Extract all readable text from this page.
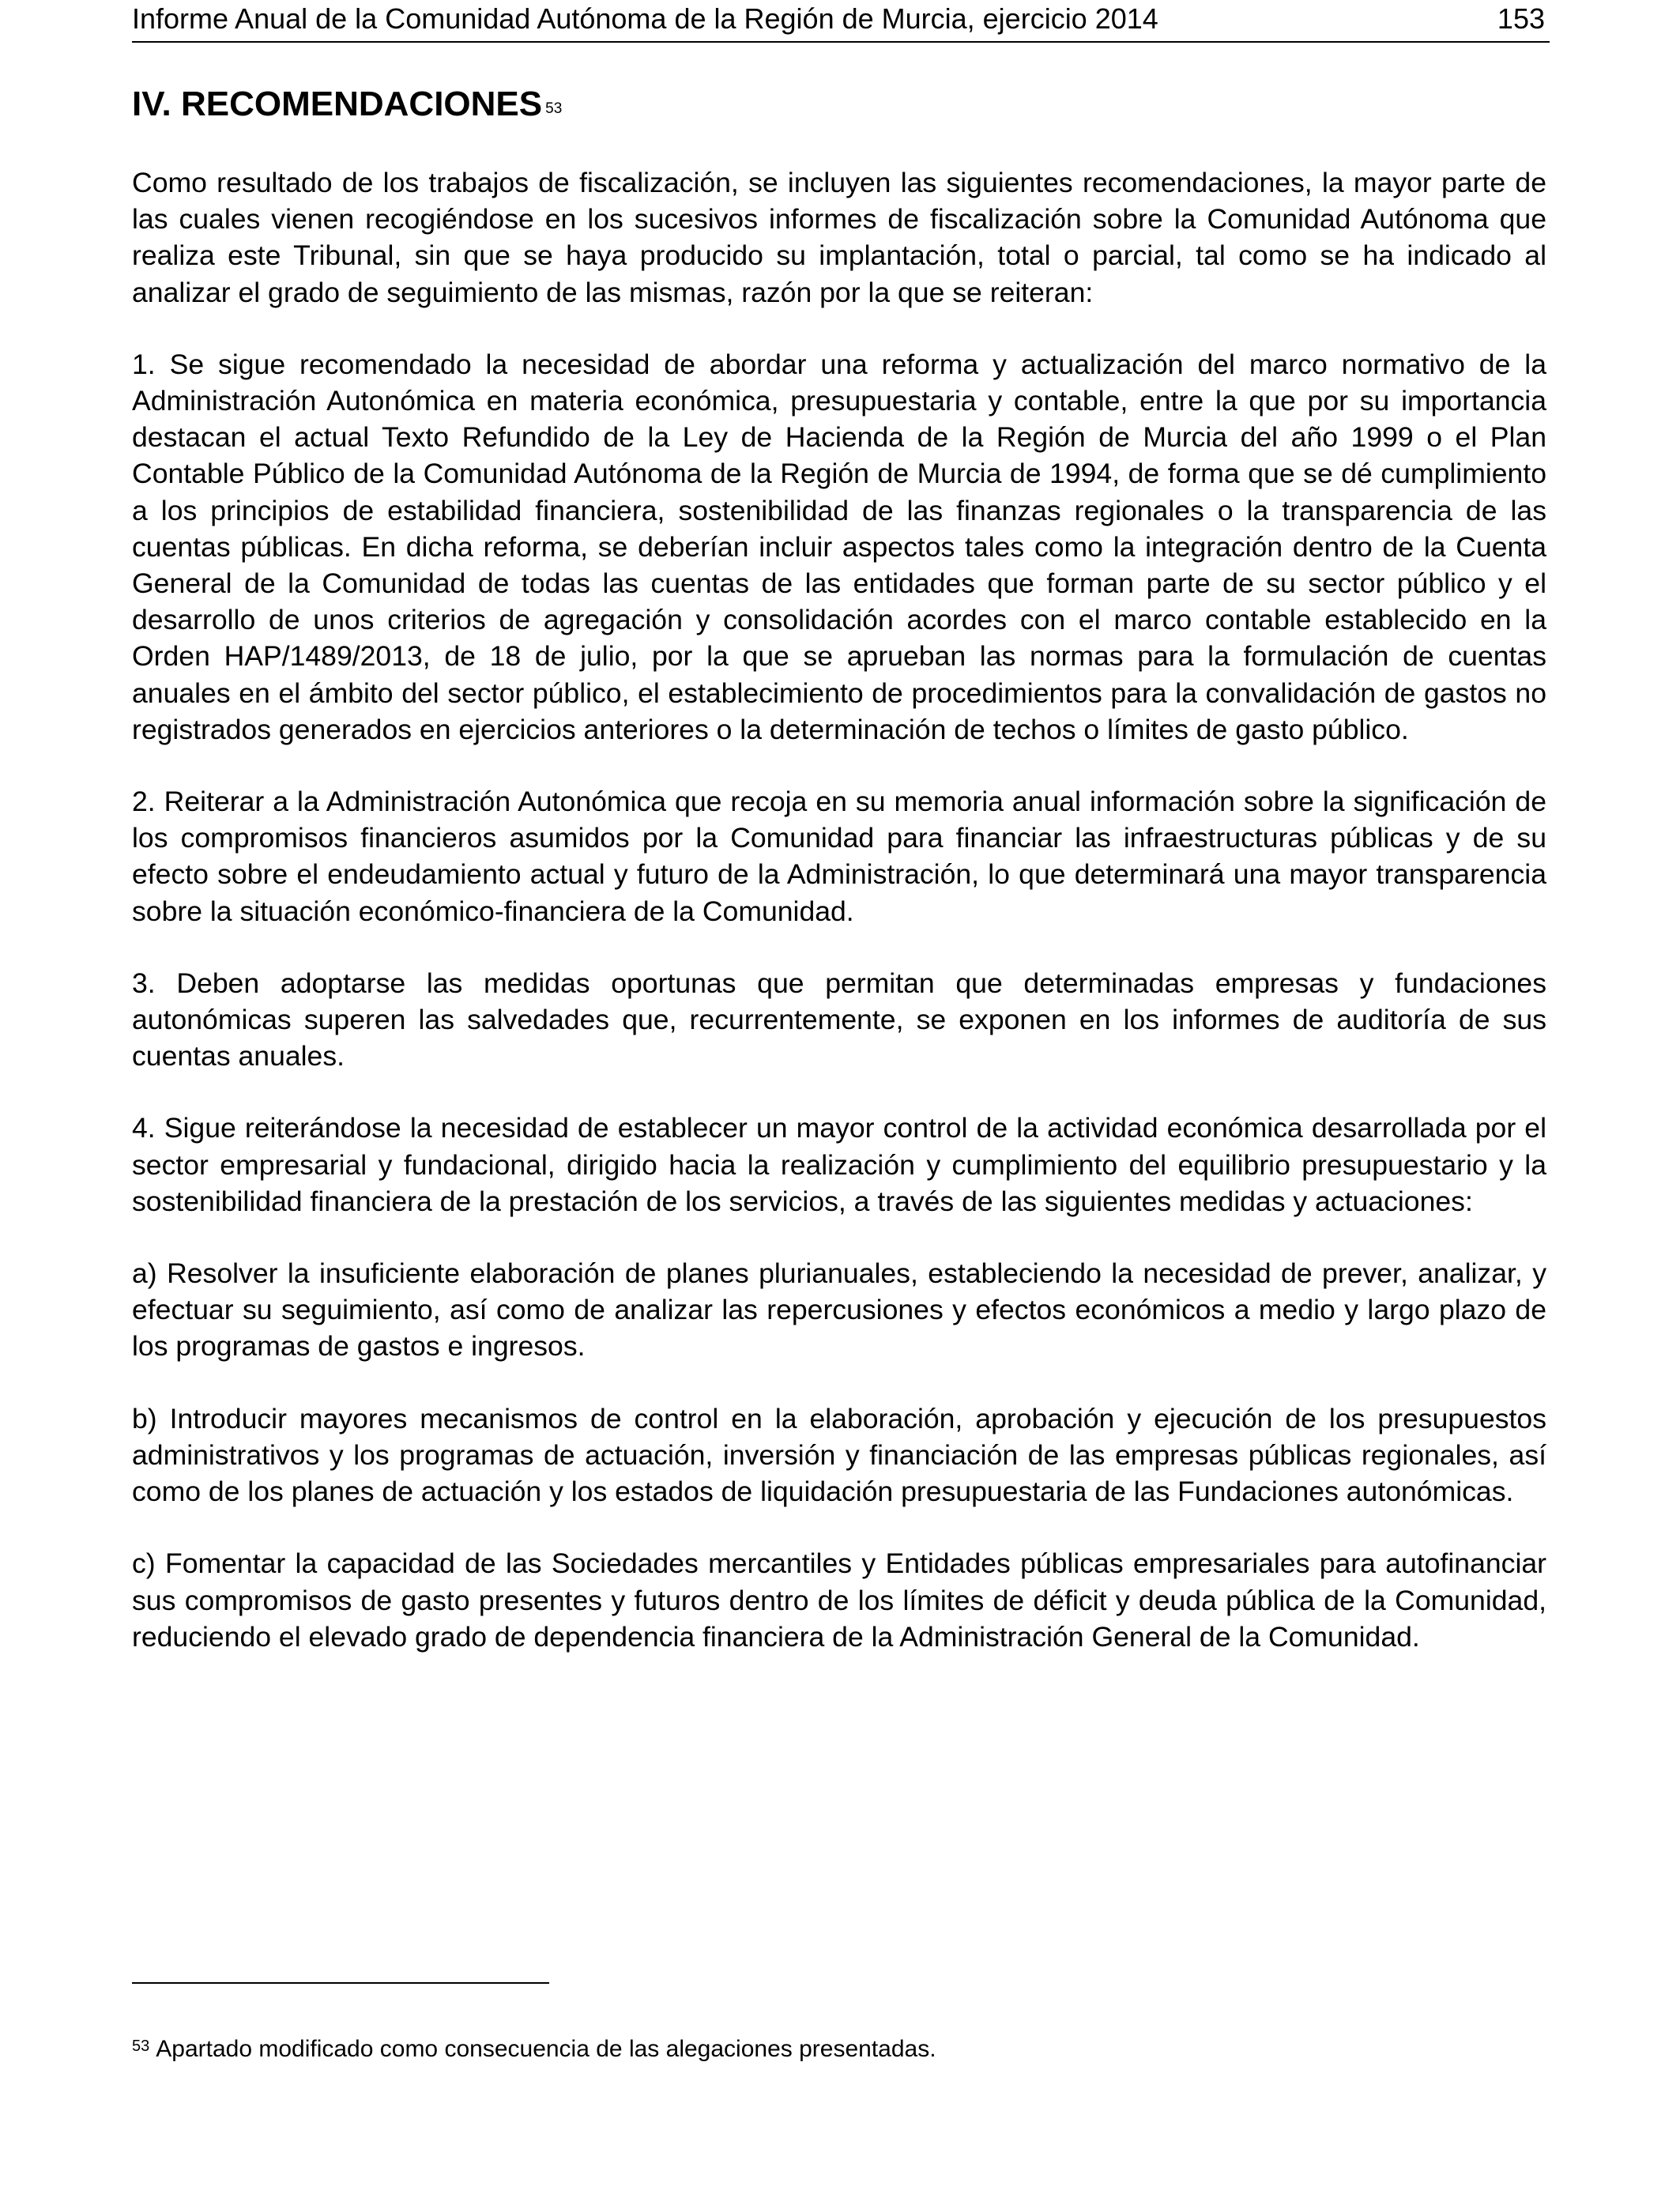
Informe Anual de la Comunidad Autónoma de la Región de Murcia, ejercicio 2014	153
IV. RECOMENDACIONES $^{53}$

Como resultado de los trabajos de fiscalización, se incluyen las siguientes recomendaciones, la mayor parte de las cuales vienen recogiéndose en los sucesivos informes de fiscalización sobre la Comunidad Autónoma que realiza este Tribunal, sin que se haya producido su implantación, total o parcial, tal como se ha indicado al analizar el grado de seguimiento de las mismas, razón por la que se reiteran:

1. Se sigue recomendado la necesidad de abordar una reforma y actualización del marco normativo de la Administración Autonómica en materia económica, presupuestaria y contable, entre la que por su importancia destacan el actual Texto Refundido de la Ley de Hacienda de la Región de Murcia del año 1999 o el Plan Contable Público de la Comunidad Autónoma de la Región de Murcia de 1994, de forma que se dé cumplimiento a los principios de estabilidad financiera, sostenibilidad de las finanzas regionales o la transparencia de las cuentas públicas. En dicha reforma, se deberían incluir aspectos tales como la integración dentro de la Cuenta General de la Comunidad de todas las cuentas de las entidades que forman parte de su sector público y el desarrollo de unos criterios de agregación y consolidación acordes con el marco contable establecido en la Orden HAP/1489/2013, de 18 de julio, por la que se aprueban las normas para la formulación de cuentas anuales en el ámbito del sector público, el establecimiento de procedimientos para la convalidación de gastos no registrados generados en ejercicios anteriores o la determinación de techos o límites de gasto público.

2. Reiterar a la Administración Autonómica que recoja en su memoria anual información sobre la significación de los compromisos financieros asumidos por la Comunidad para financiar las infraestructuras públicas y de su efecto sobre el endeudamiento actual y futuro de la Administración, lo que determinará una mayor transparencia sobre la situación económico-financiera de la Comunidad.

3. Deben adoptarse las medidas oportunas que permitan que determinadas empresas y fundaciones autonómicas superen las salvedades que, recurrentemente, se exponen en los informes de auditoría de sus cuentas anuales.

4. Sigue reiterándose la necesidad de establecer un mayor control de la actividad económica desarrollada por el sector empresarial y fundacional, dirigido hacia la realización y cumplimiento del equilibrio presupuestario y la sostenibilidad financiera de la prestación de los servicios, a través de las siguientes medidas y actuaciones:

a) Resolver la insuficiente elaboración de planes plurianuales, estableciendo la necesidad de prever, analizar, y efectuar su seguimiento, así como de analizar las repercusiones y efectos económicos a medio y largo plazo de los programas de gastos e ingresos.

b) Introducir mayores mecanismos de control en la elaboración, aprobación y ejecución de los presupuestos administrativos y los programas de actuación, inversión y financiación de las empresas públicas regionales, así como de los planes de actuación y los estados de liquidación presupuestaria de las Fundaciones autonómicas.

c) Fomentar la capacidad de las Sociedades mercantiles y Entidades públicas empresariales para autofinanciar sus compromisos de gasto presentes y futuros dentro de los límites de déficit y deuda pública de la Comunidad, reduciendo el elevado grado de dependencia financiera de la Administración General de la Comunidad.

$^{53}$ Apartado modificado como consecuencia de las alegaciones presentadas.
